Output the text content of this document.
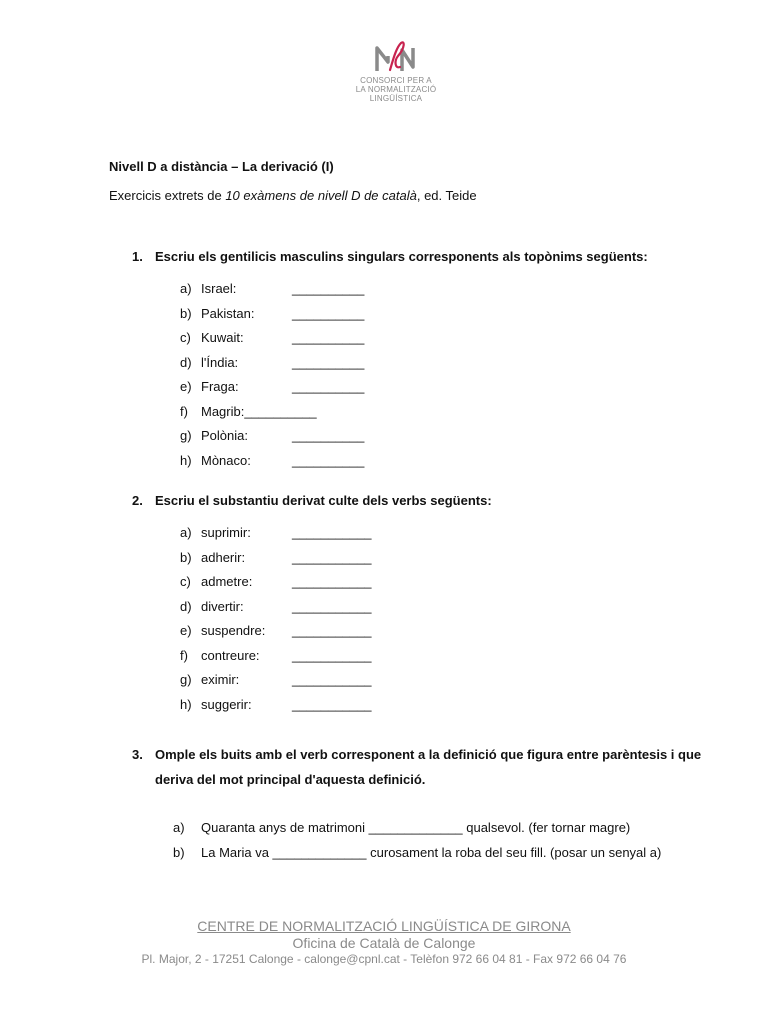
CONSORCI PER A
LA NORMALITZACIÓ
LINGÜÍSTICA
Nivell D a distància – La derivació (I)
Exercicis extrets de 10 exàmens de nivell D de català, ed. Teide
1. Escriu els gentilicis masculins singulars corresponents als topònims següents:
a) Israel:	__________
b) Pakistan:	__________
c) Kuwait:	__________
d) l'Índia:	__________
e) Fraga:	__________
f) Magrib:__________
g) Polònia:	__________
h) Mònaco:	__________
2. Escriu el substantiu derivat culte dels verbs següents:
a) suprimir:	___________
b) adherir:	___________
c) admetre:	___________
d) divertir:	___________
e) suspendre: ___________
f) contreure: ___________
g) eximir:	___________
h) suggerir:	___________
3. Omple els buits amb el verb corresponent a la definició que figura entre parèntesis i que
deriva del mot principal d'aquesta definició.
a) Quaranta anys de matrimoni _____________ qualsevol. (fer tornar magre)
b) La Maria va _____________ curosament la roba del seu fill. (posar un senyal a)
CENTRE DE NORMALITZACIÓ LINGÜÍSTICA DE GIRONA
Oficina de Català de Calonge
Pl. Major, 2 - 17251 Calonge - calonge@cpnl.cat - Telèfon 972 66 04 81 - Fax 972 66 04 76
